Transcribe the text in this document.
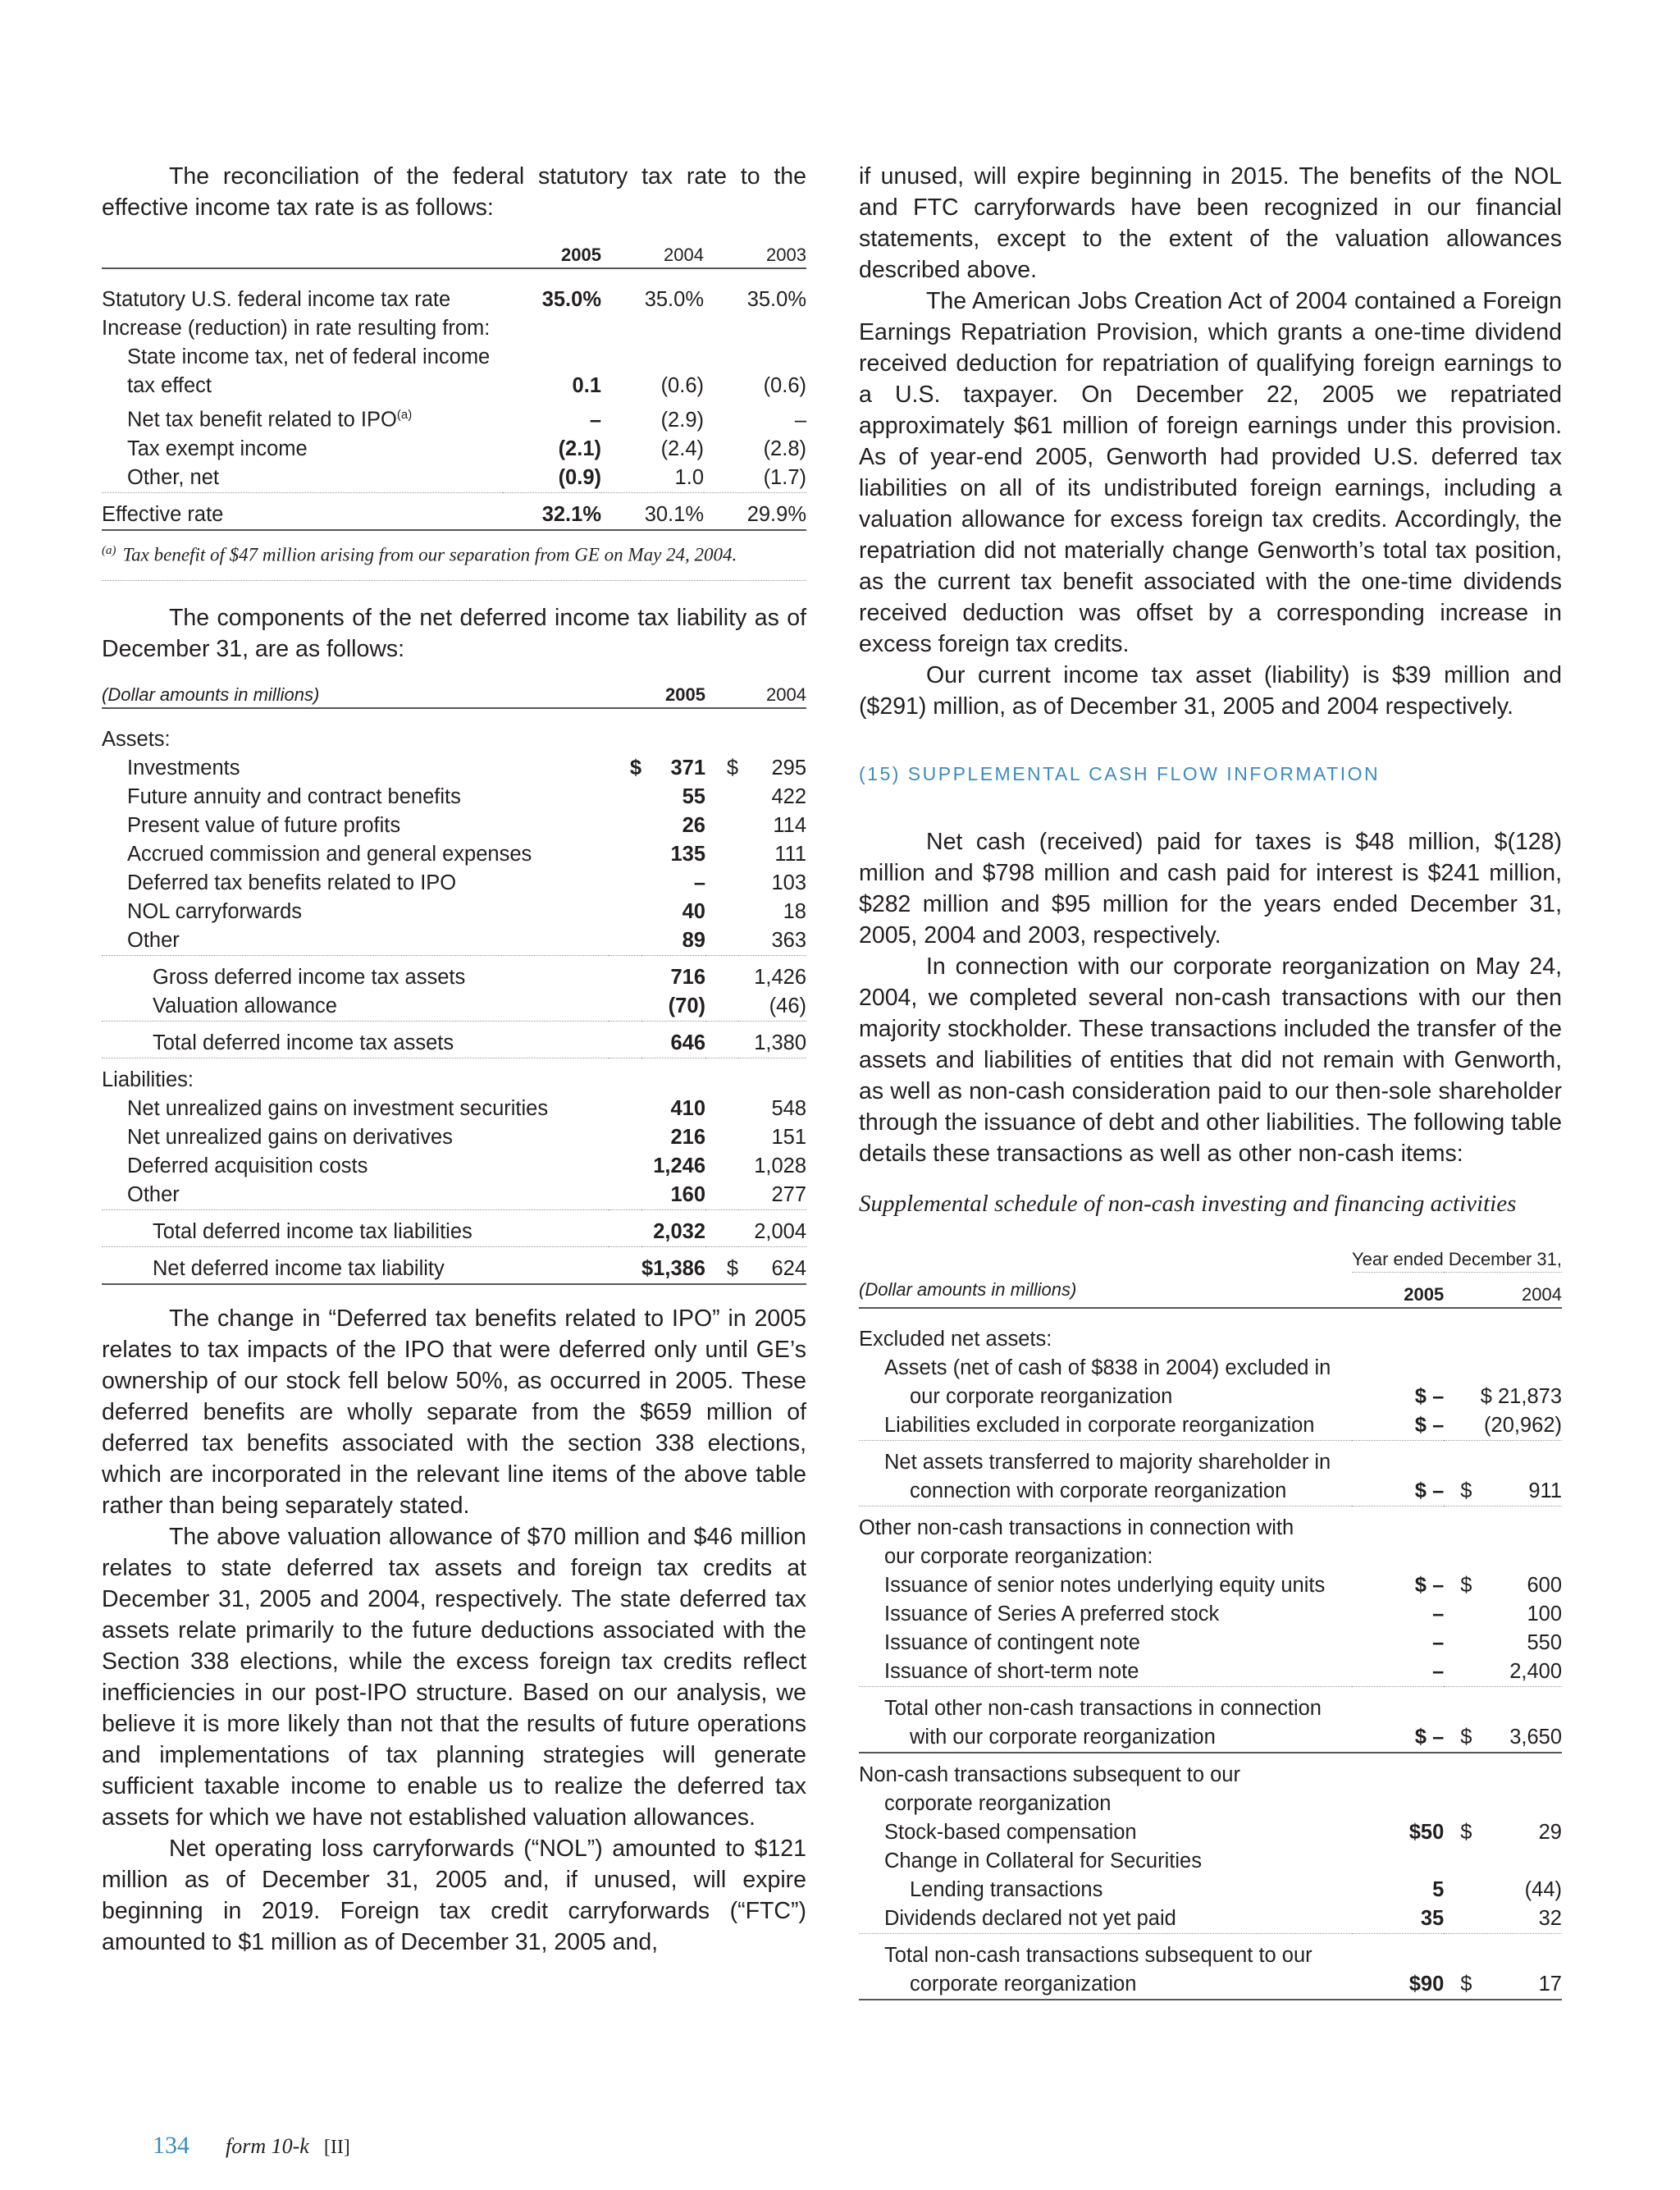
The reconciliation of the federal statutory tax rate to the effective income tax rate is as follows:

	2005	2004	2003

Statutory U.S. federal income tax rate	35.0%	35.0%	35.0%
Increase (reduction) in rate resulting from:			
State income tax, net of federal income			
tax effect	0.1	(0.6)	(0.6)
Net tax benefit related to IPO$^{(a)}$	–	(2.9)	–
Tax exempt income	(2.1)	(2.4)	(2.8)
Other, net	(0.9)	1.0	(1.7)
Effective rate	32.1%	30.1%	29.9%

$^{(a)}$ Tax benefit of $47 million arising from our separation from GE on May 24, 2004.

The components of the net deferred income tax liability as of December 31, are as follows:

(Dollar amounts in millions)		2005		2004

Assets:				
Investments	$	371	$	295
Future annuity and contract benefits		55		422
Present value of future profits		26		114
Accrued commission and general expenses		135		111
Deferred tax benefits related to IPO		–		103
NOL carryforwards		40		18
Other		89		363
Gross deferred income tax assets		716		1,426
Valuation allowance		(70)		(46)
Total deferred income tax assets		646		1,380
Liabilities:				
Net unrealized gains on investment securities		410		548
Net unrealized gains on derivatives		216		151
Deferred acquisition costs		1,246		1,028
Other		160		277
Total deferred income tax liabilities		2,032		2,004
Net deferred income tax liability		$1,386	$	624

The change in “Deferred tax benefits related to IPO” in 2005 relates to tax impacts of the IPO that were deferred only until GE’s ownership of our stock fell below 50%, as occurred in 2005. These deferred benefits are wholly separate from the $659 million of deferred tax benefits associated with the section 338 elections, which are incorporated in the relevant line items of the above table rather than being separately stated.

The above valuation allowance of $70 million and $46 million relates to state deferred tax assets and foreign tax credits at December 31, 2005 and 2004, respectively. The state deferred tax assets relate primarily to the future deductions associated with the Section 338 elections, while the excess foreign tax credits reflect inefficiencies in our post-IPO structure. Based on our analysis, we believe it is more likely than not that the results of future operations and implementations of tax planning strategies will generate sufficient taxable income to enable us to realize the deferred tax assets for which we have not established valuation allowances.

Net operating loss carryforwards (“NOL”) amounted to $121 million as of December 31, 2005 and, if unused, will expire beginning in 2019. Foreign tax credit carryforwards (“FTC”) amounted to $1 million as of December 31, 2005 and,

if unused, will expire beginning in 2015. The benefits of the NOL and FTC carryforwards have been recognized in our financial statements, except to the extent of the valuation allowances described above.

The American Jobs Creation Act of 2004 contained a Foreign Earnings Repatriation Provision, which grants a one-time dividend received deduction for repatriation of qualifying foreign earnings to a U.S. taxpayer. On December 22, 2005 we repatriated approximately $61 million of foreign earnings under this provision. As of year-end 2005, Genworth had provided U.S. deferred tax liabilities on all of its undistributed foreign earnings, including a valuation allowance for excess foreign tax credits. Accordingly, the repatriation did not materially change Genworth’s total tax position, as the current tax benefit associated with the one-time dividends received deduction was offset by a corresponding increase in excess foreign tax credits.

Our current income tax asset (liability) is $39 million and ($291) million, as of December 31, 2005 and 2004 respectively.

(15) SUPPLEMENTAL CASH FLOW INFORMATION

Net cash (received) paid for taxes is $48 million, $(128) million and $798 million and cash paid for interest is $241 million, $282 million and $95 million for the years ended December 31, 2005, 2004 and 2003, respectively.

In connection with our corporate reorganization on May 24, 2004, we completed several non-cash transactions with our then majority stockholder. These transactions included the transfer of the assets and liabilities of entities that did not remain with Genworth, as well as non-cash consideration paid to our then-sole shareholder through the issuance of debt and other liabilities. The following table details these transactions as well as other non-cash items:

Supplemental schedule of non-cash investing and financing activities

	Year ended December 31,	
(Dollar amounts in millions)	2005	2004

Excluded net assets:		
Assets (net of cash of $838 in 2004) excluded in		
our corporate reorganization	$ –	$ 21,873
Liabilities excluded in corporate reorganization	$ –	(20,962)
Net assets transferred to majority shareholder in		
connection with corporate reorganization	$ –	$ 911
Other non-cash transactions in connection with		
our corporate reorganization:		
Issuance of senior notes underlying equity units	$ –	$ 600
Issuance of Series A preferred stock	–	100
Issuance of contingent note	–	550
Issuance of short-term note	–	2,400
Total other non-cash transactions in connection		
with our corporate reorganization	$ –	$ 3,650
Non-cash transactions subsequent to our		
corporate reorganization		
Stock-based compensation	$50	$ 29
Change in Collateral for Securities		
Lending transactions	5	(44)
Dividends declared not yet paid	35	32
Total non-cash transactions subsequent to our		
corporate reorganization	$90	$ 17
134 form 10-k [II]
